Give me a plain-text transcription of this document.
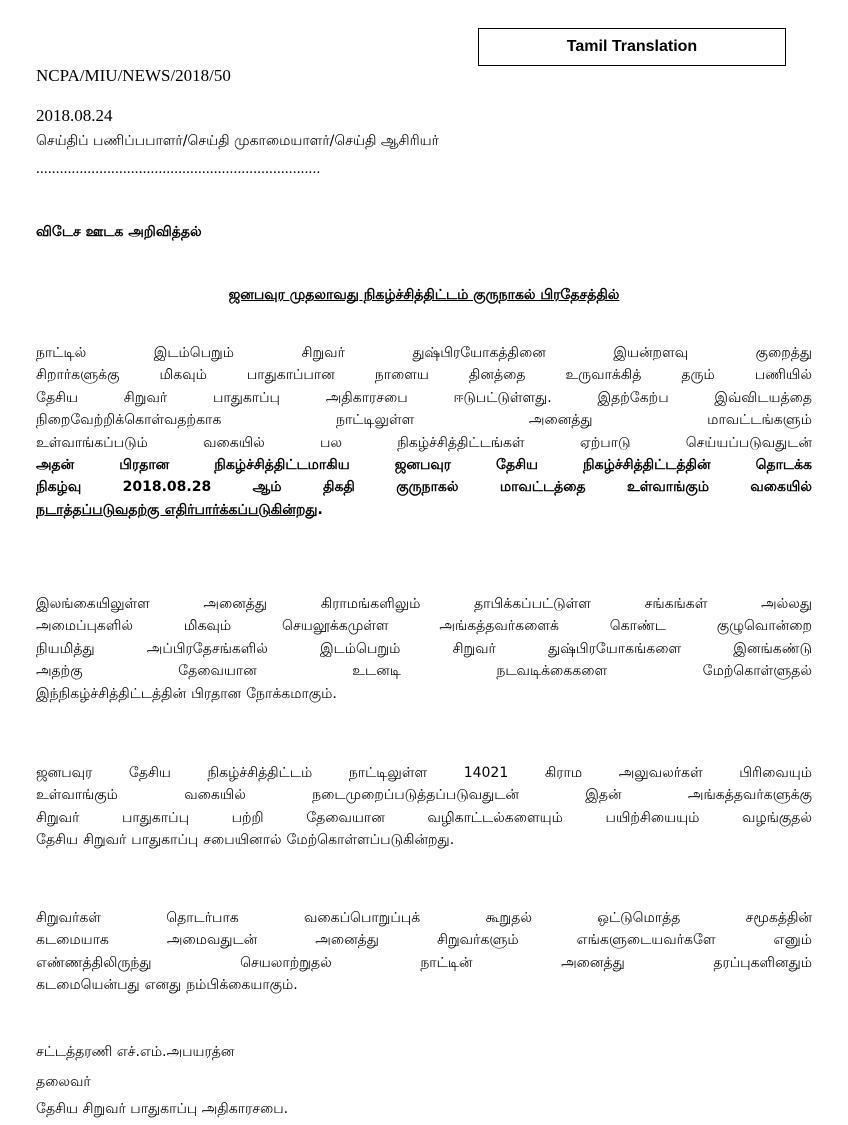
Tamil Translation
NCPA/MIU/NEWS/2018/50
2018.08.24
செய்திப் பணிப்பபாளர்/செய்தி முகாமையாளர்/செய்தி ஆசிரியர்
........................................................................
விடேச ஊடக அறிவித்தல்
ஜனபவுர முதலாவது நிகழ்ச்சித்திட்டம் குருநாகல் பிரதேசத்தில்
நாட்டில் இடம்பெறும் சிறுவர் துஷ்பிரயோகத்தினை இயன்றளவு குறைத்து
சிறார்களுக்கு மிகவும் பாதுகாப்பான நாளைய தினத்தை உருவாக்கித் தரும் பணியில்
தேசிய சிறுவர் பாதுகாப்பு அதிகாரசபை ஈடுபட்டுள்ளது. இதற்கேற்ப இவ்விடயத்தை
நிறைவேற்றிக்கொள்வதற்காக நாட்டிலுள்ள அனைத்து மாவட்டங்களும்
உள்வாங்கப்படும் வகையில் பல நிகழ்ச்சித்திட்டங்கள் ஏற்பாடு செய்யப்படுவதுடன்
அதன் பிரதான நிகழ்ச்சித்திட்டமாகிய ஜனபவுர தேசிய நிகழ்ச்சித்திட்டத்தின் தொடக்க
நிகழ்வு 2018.08.28 ஆம் திகதி குருநாகல் மாவட்டத்தை உள்வாங்கும் வகையில்
நடாத்தப்படுவதற்கு எதிர்பார்க்கப்படுகின்றது.
இலங்கையிலுள்ள அனைத்து கிராமங்களிலும் தாபிக்கப்பட்டுள்ள சங்கங்கள் அல்லது
அமைப்புகளில் மிகவும் செயலூக்கமுள்ள அங்கத்தவர்களைக் கொண்ட குழுவொன்றை
நியமித்து அப்பிரதேசங்களில் இடம்பெறும் சிறுவர் துஷ்பிரயோகங்களை இனங்கண்டு
அதற்கு தேவையான உடனடி நடவடிக்கைகளை மேற்கொள்ளுதல்
இந்நிகழ்ச்சித்திட்டத்தின் பிரதான நோக்கமாகும்.
ஜனபவுர தேசிய நிகழ்ச்சித்திட்டம் நாட்டிலுள்ள 14021 கிராம அலுவலர்கள் பிரிவையும்
உள்வாங்கும் வகையில் நடைமுறைப்படுத்தப்படுவதுடன் இதன் அங்கத்தவர்களுக்கு
சிறுவர் பாதுகாப்பு பற்றி தேவையான வழிகாட்டல்களையும் பயிற்சியையும் வழங்குதல்
தேசிய சிறுவர் பாதுகாப்பு சபையினால் மேற்கொள்ளப்படுகின்றது.
சிறுவர்கள் தொடர்பாக வகைப்பொறுப்புக் கூறுதல் ஒட்டுமொத்த சமூகத்தின்
கடமையாக அமைவதுடன் அனைத்து சிறுவர்களும் எங்களுடையவர்களே எனும்
எண்ணத்திலிருந்து செயலாற்றுதல் நாட்டின் அனைத்து தரப்புகளினதும்
கடமையென்பது எனது நம்பிக்கையாகும்.
சட்டத்தரணி எச்.எம்.அபயரத்ன
தலைவர்
தேசிய சிறுவர் பாதுகாப்பு அதிகாரசபை.
